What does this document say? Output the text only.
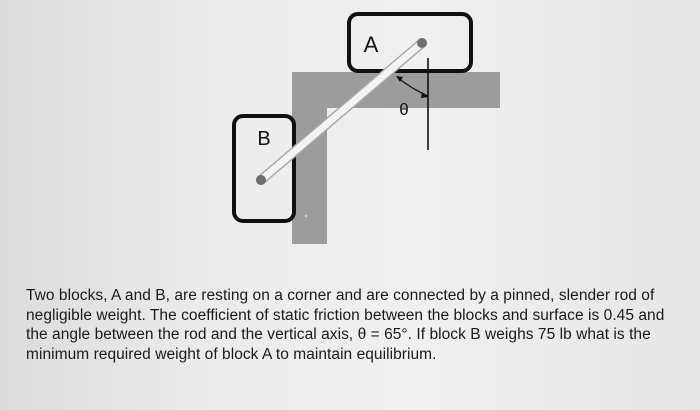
A
B
θ

Two blocks, A and B, are resting on a corner and are connected by a pinned, slender rod of negligible weight. The coefficient of static friction between the blocks and surface is 0.45 and the angle between the rod and the vertical axis, θ = 65°. If block B weighs 75 lb what is the minimum required weight of block A to maintain equilibrium.
